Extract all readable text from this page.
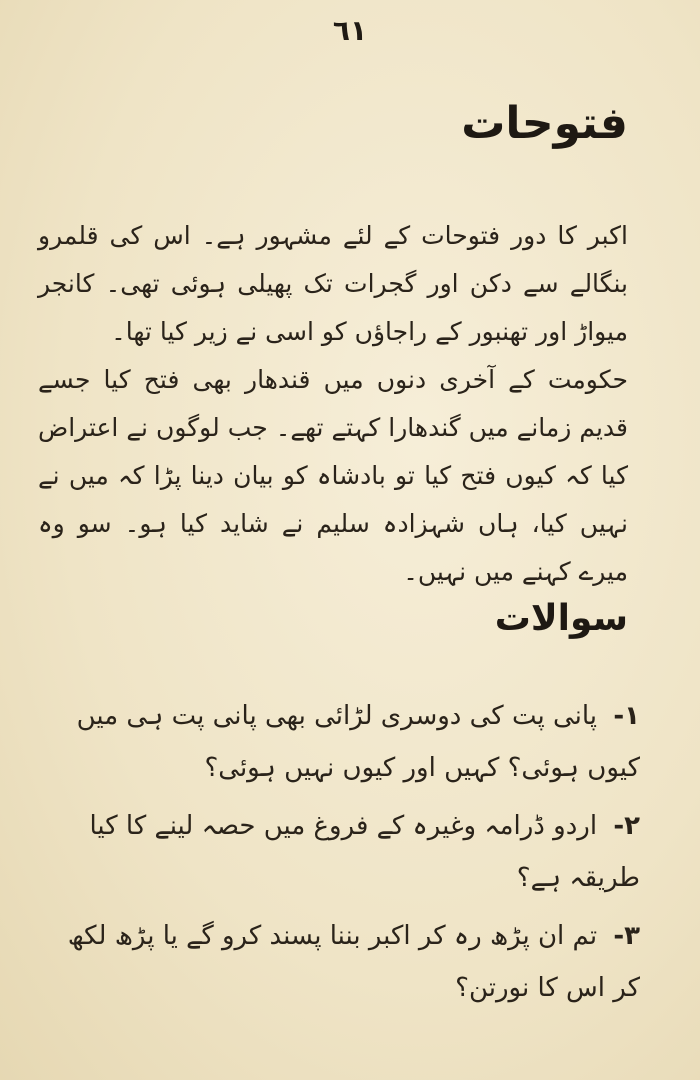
٦١
فتوحات

اکبر کا دور فتوحات کے لئے مشہور ہے۔ اس کی قلمرو بنگالے سے دکن اور گجرات تک پھیلی ہوئی تھی۔ کانجر میواڑ اور تھنبور کے راجاؤں کو اسی نے زیر کیا تھا۔

حکومت کے آخری دنوں میں قندھار بھی فتح کیا جسے قدیم زمانے میں گندھارا کہتے تھے۔ جب لوگوں نے اعتراض کیا کہ کیوں فتح کیا تو بادشاہ کو بیان دینا پڑا کہ میں نے نہیں کیا، ہاں شہزادہ سلیم نے شاید کیا ہو۔ سو وہ میرے کہنے میں نہیں۔

سوالات
١- پانی پت کی دوسری لڑائی بھی پانی پت ہی میں کیوں ہوئی؟ کہیں اور کیوں نہیں ہوئی؟
٢- اردو ڈرامہ وغیرہ کے فروغ میں حصہ لینے کا کیا طریقہ ہے؟
٣- تم ان پڑھ رہ کر اکبر بننا پسند کرو گے یا پڑھ لکھ کر اس کا نورتن؟
